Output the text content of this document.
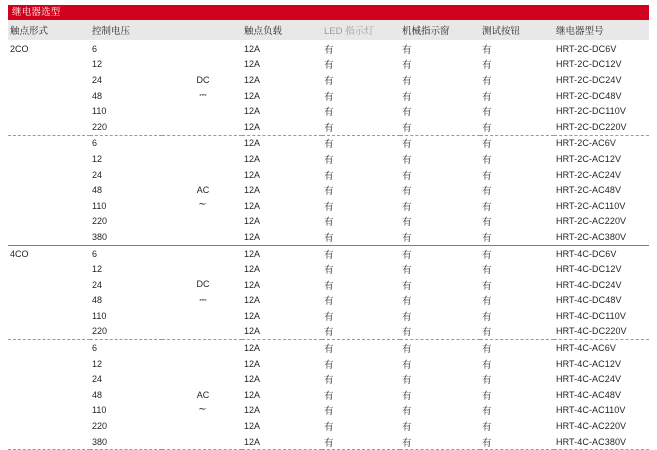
继电器选型
触点形式	控制电压		触点负载	LED 指示灯	机械指示窗	测试按钮	继电器型号
2CO	6		12A	有	有	有	HRT-2C-DC6V
	12		12A	有	有	有	HRT-2C-DC12V
	24	DC	12A	有	有	有	HRT-2C-DC24V
	48	⎓	12A	有	有	有	HRT-2C-DC48V
	110		12A	有	有	有	HRT-2C-DC110V
	220		12A	有	有	有	HRT-2C-DC220V
	6		12A	有	有	有	HRT-2C-AC6V
	12		12A	有	有	有	HRT-2C-AC12V
	24		12A	有	有	有	HRT-2C-AC24V
	48	AC	12A	有	有	有	HRT-2C-AC48V
	110	∼	12A	有	有	有	HRT-2C-AC110V
	220		12A	有	有	有	HRT-2C-AC220V
	380		12A	有	有	有	HRT-2C-AC380V
4CO	6		12A	有	有	有	HRT-4C-DC6V
	12		12A	有	有	有	HRT-4C-DC12V
	24	DC	12A	有	有	有	HRT-4C-DC24V
	48	⎓	12A	有	有	有	HRT-4C-DC48V
	110		12A	有	有	有	HRT-4C-DC110V
	220		12A	有	有	有	HRT-4C-DC220V
	6		12A	有	有	有	HRT-4C-AC6V
	12		12A	有	有	有	HRT-4C-AC12V
	24		12A	有	有	有	HRT-4C-AC24V
	48	AC	12A	有	有	有	HRT-4C-AC48V
	110	∼	12A	有	有	有	HRT-4C-AC110V
	220		12A	有	有	有	HRT-4C-AC220V
	380		12A	有	有	有	HRT-4C-AC380V
